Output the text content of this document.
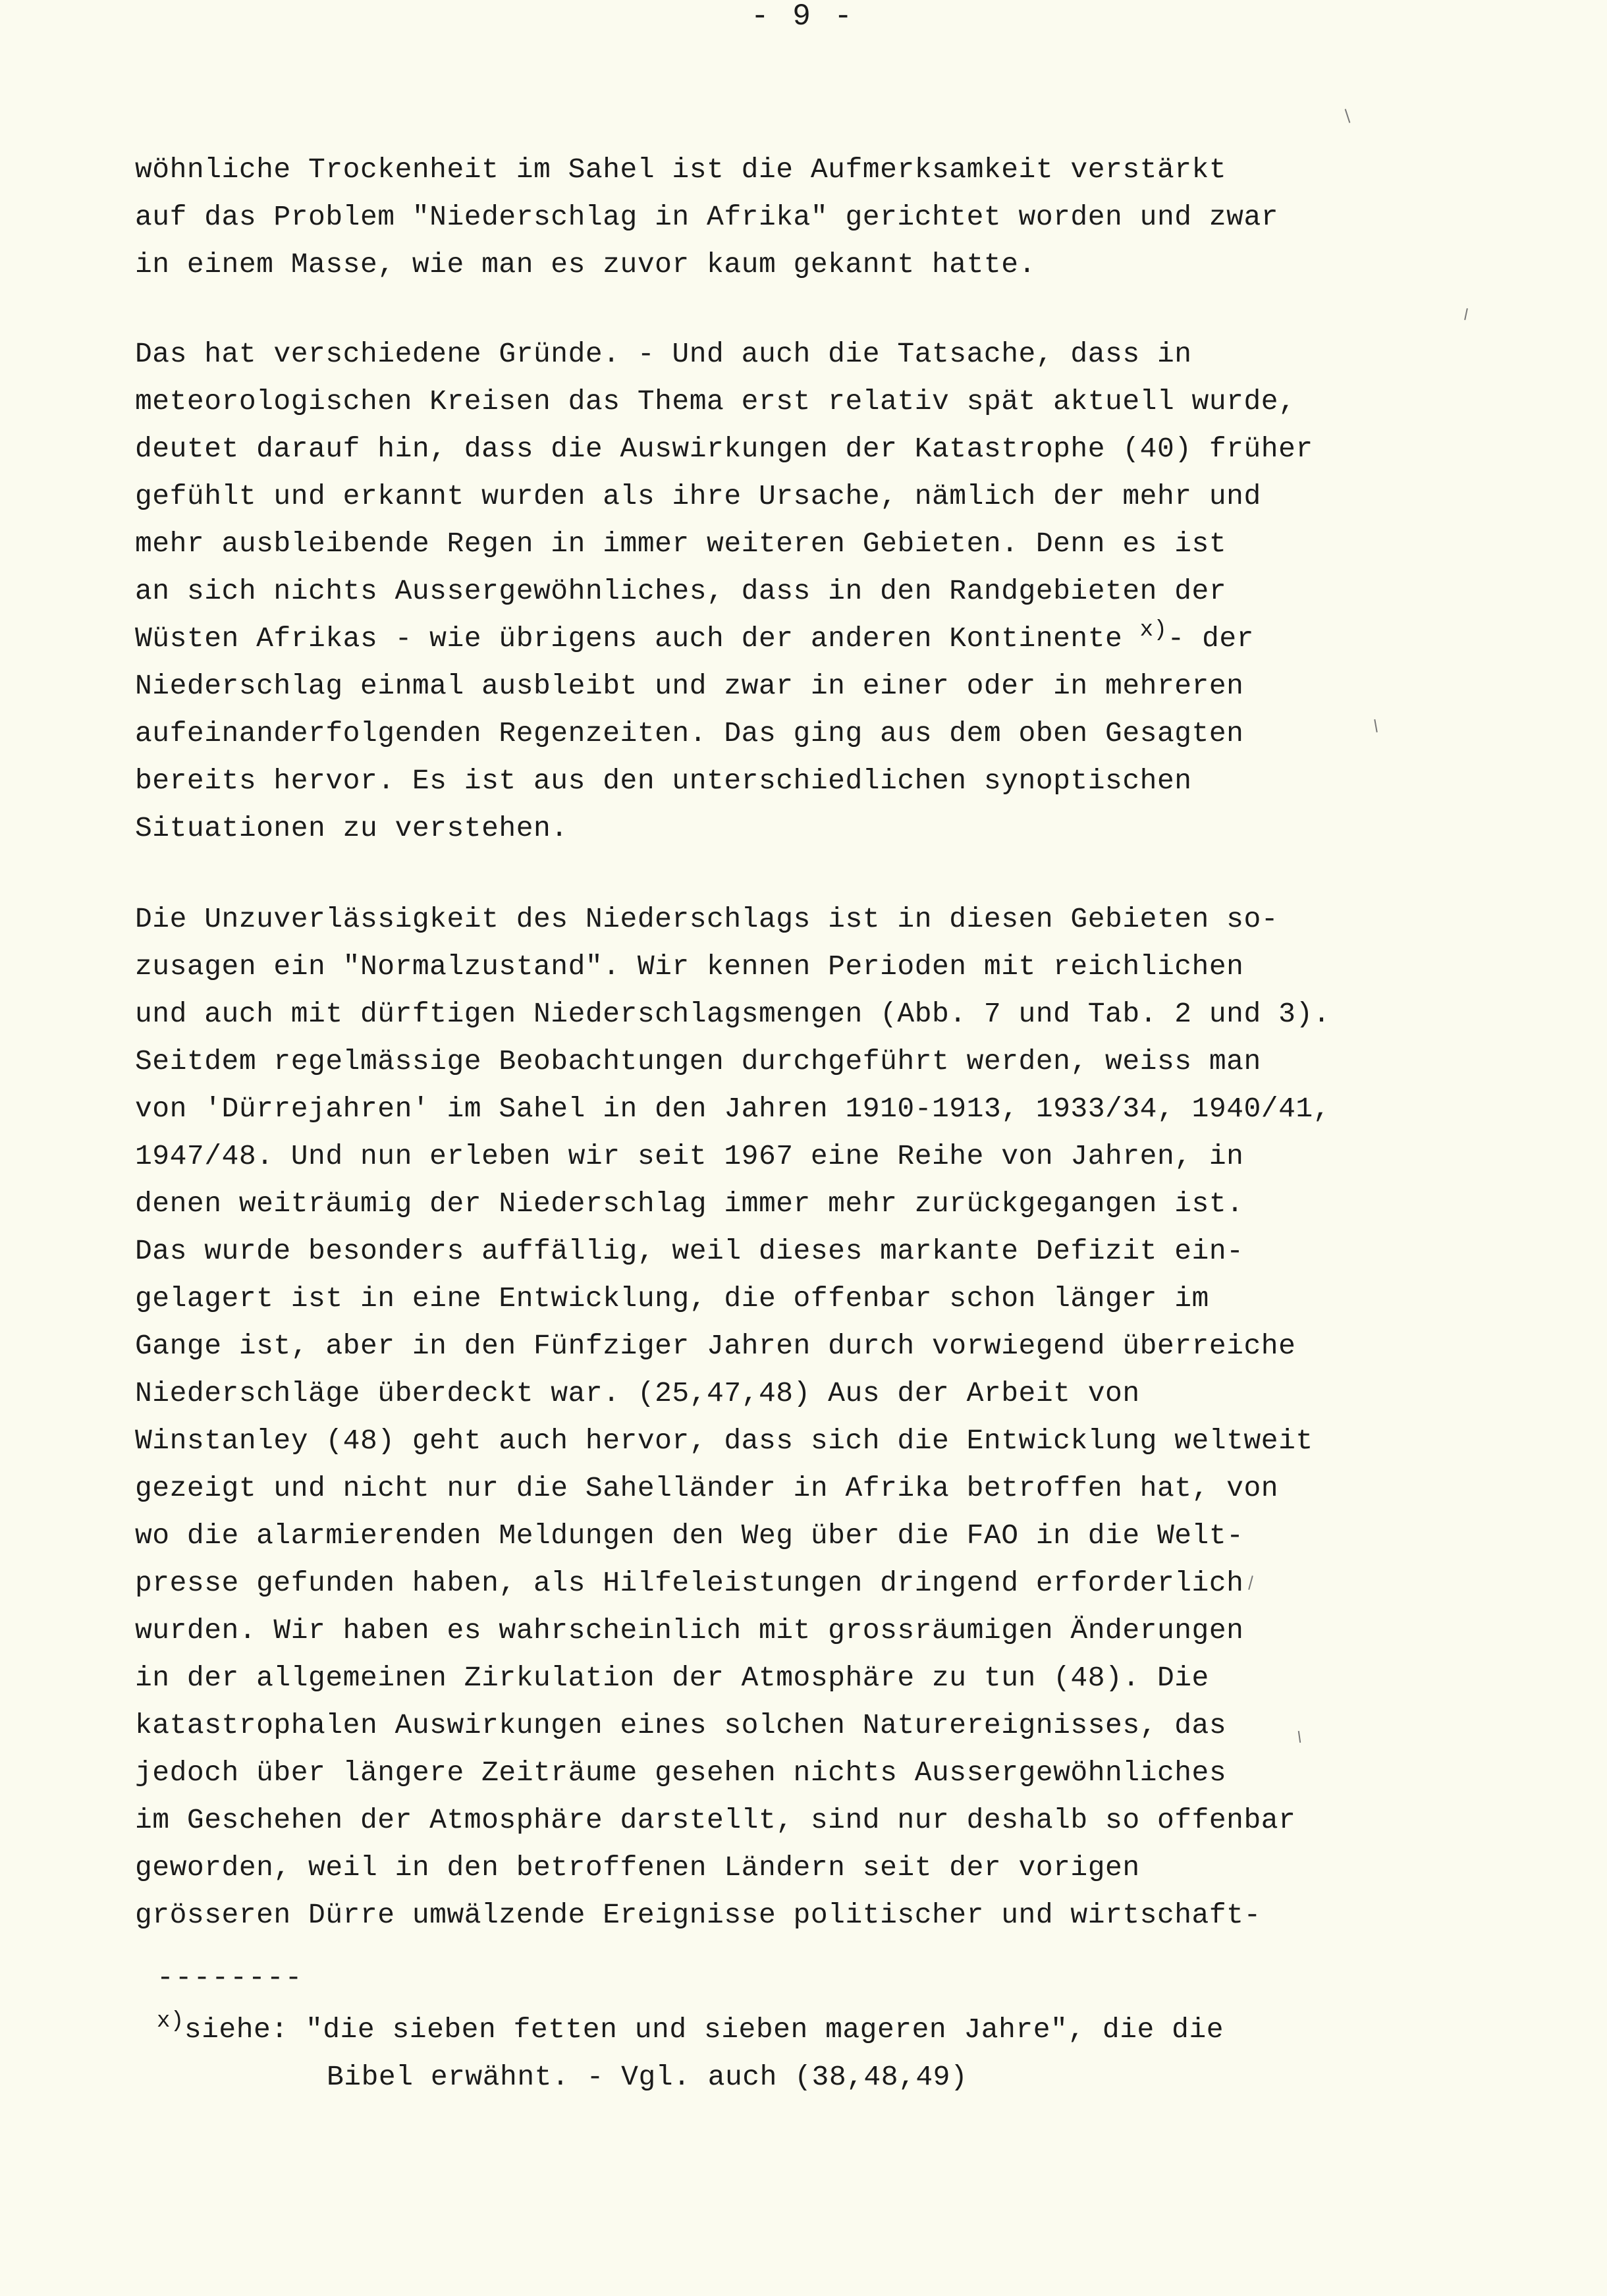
- 9 -
wöhnliche Trockenheit im Sahel ist die Aufmerksamkeit verstärkt
auf das Problem "Niederschlag in Afrika" gerichtet worden und zwar
in einem Masse, wie man es zuvor kaum gekannt hatte.
Das hat verschiedene Gründe. - Und auch die Tatsache, dass in
meteorologischen Kreisen das Thema erst relativ spät aktuell wurde,
deutet darauf hin, dass die Auswirkungen der Katastrophe (40) früher
gefühlt und erkannt wurden als ihre Ursache, nämlich der mehr und
mehr ausbleibende Regen in immer weiteren Gebieten. Denn es ist
an sich nichts Aussergewöhnliches, dass in den Randgebieten der
Wüsten Afrikas - wie übrigens auch der anderen Kontinente $^{x)}$- der
Niederschlag einmal ausbleibt und zwar in einer oder in mehreren
aufeinanderfolgenden Regenzeiten. Das ging aus dem oben Gesagten
bereits hervor. Es ist aus den unterschiedlichen synoptischen
Situationen zu verstehen.
Die Unzuverlässigkeit des Niederschlags ist in diesen Gebieten so-
zusagen ein "Normalzustand". Wir kennen Perioden mit reichlichen
und auch mit dürftigen Niederschlagsmengen (Abb. 7 und Tab. 2 und 3).
Seitdem regelmässige Beobachtungen durchgeführt werden, weiss man
von 'Dürrejahren' im Sahel in den Jahren 1910-1913, 1933/34, 1940/41,
1947/48. Und nun erleben wir seit 1967 eine Reihe von Jahren, in
denen weiträumig der Niederschlag immer mehr zurückgegangen ist.
Das wurde besonders auffällig, weil dieses markante Defizit ein-
gelagert ist in eine Entwicklung, die offenbar schon länger im
Gange ist, aber in den Fünfziger Jahren durch vorwiegend überreiche
Niederschläge überdeckt war. (25,47,48) Aus der Arbeit von
Winstanley (48) geht auch hervor, dass sich die Entwicklung weltweit
gezeigt und nicht nur die Sahelländer in Afrika betroffen hat, von
wo die alarmierenden Meldungen den Weg über die FAO in die Welt-
presse gefunden haben, als Hilfeleistungen dringend erforderlich
wurden. Wir haben es wahrscheinlich mit grossräumigen Änderungen
in der allgemeinen Zirkulation der Atmosphäre zu tun (48). Die
katastrophalen Auswirkungen eines solchen Naturereignisses, das
jedoch über längere Zeiträume gesehen nichts Aussergewöhnliches
im Geschehen der Atmosphäre darstellt, sind nur deshalb so offenbar
geworden, weil in den betroffenen Ländern seit der vorigen
grösseren Dürre umwälzende Ereignisse politischer und wirtschaft-
--------
$^{x)}$siehe: "die sieben fetten und sieben mageren Jahre", die die
Bibel erwähnt. - Vgl. auch (38,48,49)
